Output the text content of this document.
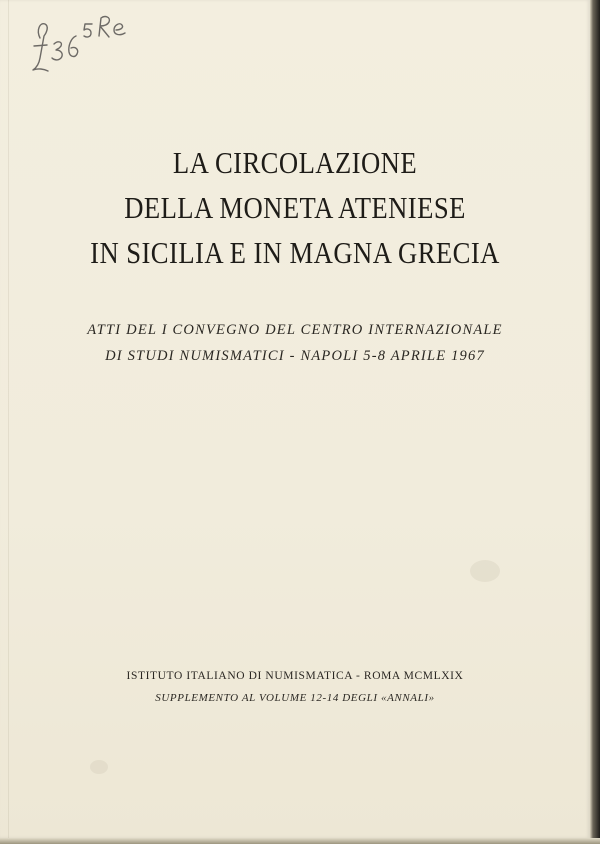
LA CIRCOLAZIONE
DELLA MONETA ATENIESE
IN SICILIA E IN MAGNA GRECIA
ATTI DEL I CONVEGNO DEL CENTRO INTERNAZIONALE
DI STUDI NUMISMATICI - NAPOLI 5-8 APRILE 1967
ISTITUTO ITALIANO DI NUMISMATICA - ROMA MCMLXIX
SUPPLEMENTO AL VOLUME 12-14 DEGLI «ANNALI»
